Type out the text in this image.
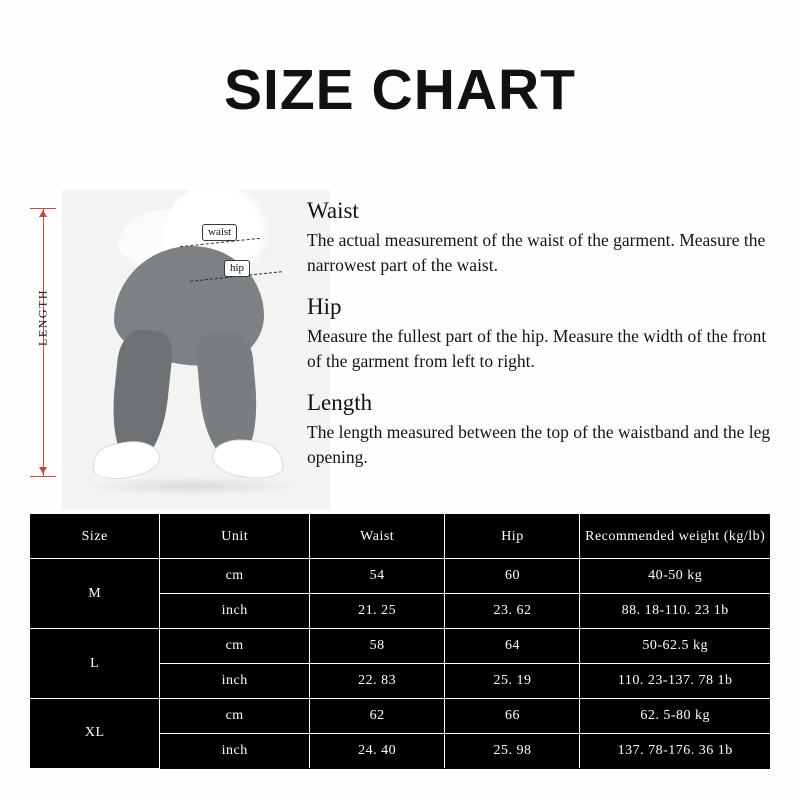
SIZE CHART
LENGTH
waist
hip
Waist
The actual measurement of the waist of the garment. Measure the narrowest part of the waist.
Hip
Measure the fullest part of the hip. Measure the width of the front of the garment from left to right.
Length
The length measured between the top of the waistband and the leg opening.
Size	Unit	Waist	Hip	Recommended weight (kg/lb)
M	cm	54	60	40-50 kg
	inch	21. 25	23. 62	88. 18-110. 23 1b
L	cm	58	64	50-62.5 kg
	inch	22. 83	25. 19	110. 23-137. 78 1b
XL	cm	62	66	62. 5-80 kg
	inch	24. 40	25. 98	137. 78-176. 36 1b
